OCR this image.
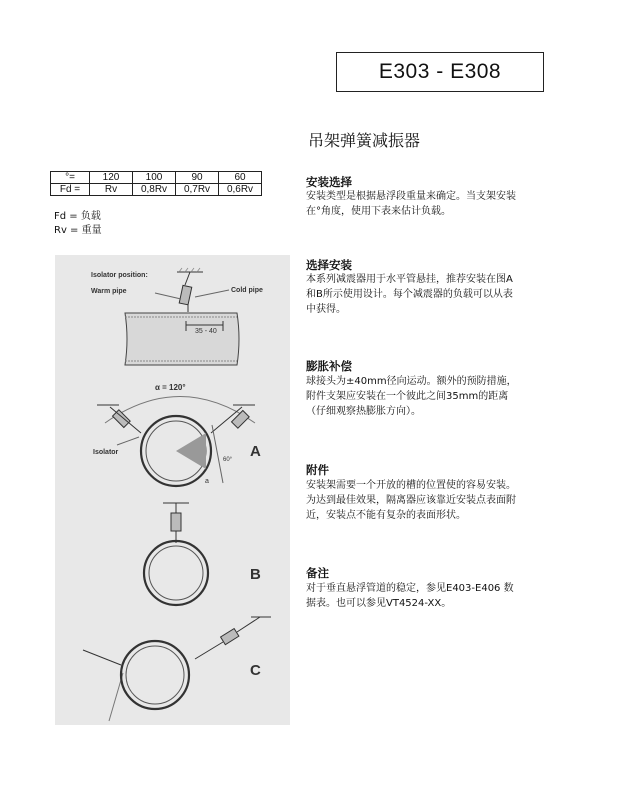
E303 - E308
吊架弹簧减振器
°=	120	100	90	60
Fd =	Rv	0,8Rv	0,7Rv	0,6Rv
Fd = 负载
Rv = 重量
Isolator position:
Warm pipe	Cold pipe
35 - 40
α = 120°
60°
a
Isolator	A
B
C
安装选择
安装类型是根据悬浮段重量来确定。当支架安装
在°角度，使用下表来估计负载。
选择安装
本系列减震器用于水平管悬挂，推荐安装在图A
和B所示使用设计。每个减震器的负载可以从表
中获得。
膨胀补偿
球接头为±40mm径向运动。额外的预防措施，
附件支架应安装在一个彼此之间35mm的距离
（仔细观察热膨胀方向）。
附件
安装架需要一个开放的槽的位置使的容易安装。
为达到最佳效果，隔离器应该靠近安装点表面附
近，安装点不能有复杂的表面形状。
备注
对于垂直悬浮管道的稳定，参见E403-E406 数
据表。也可以参见VT4524-XX。
